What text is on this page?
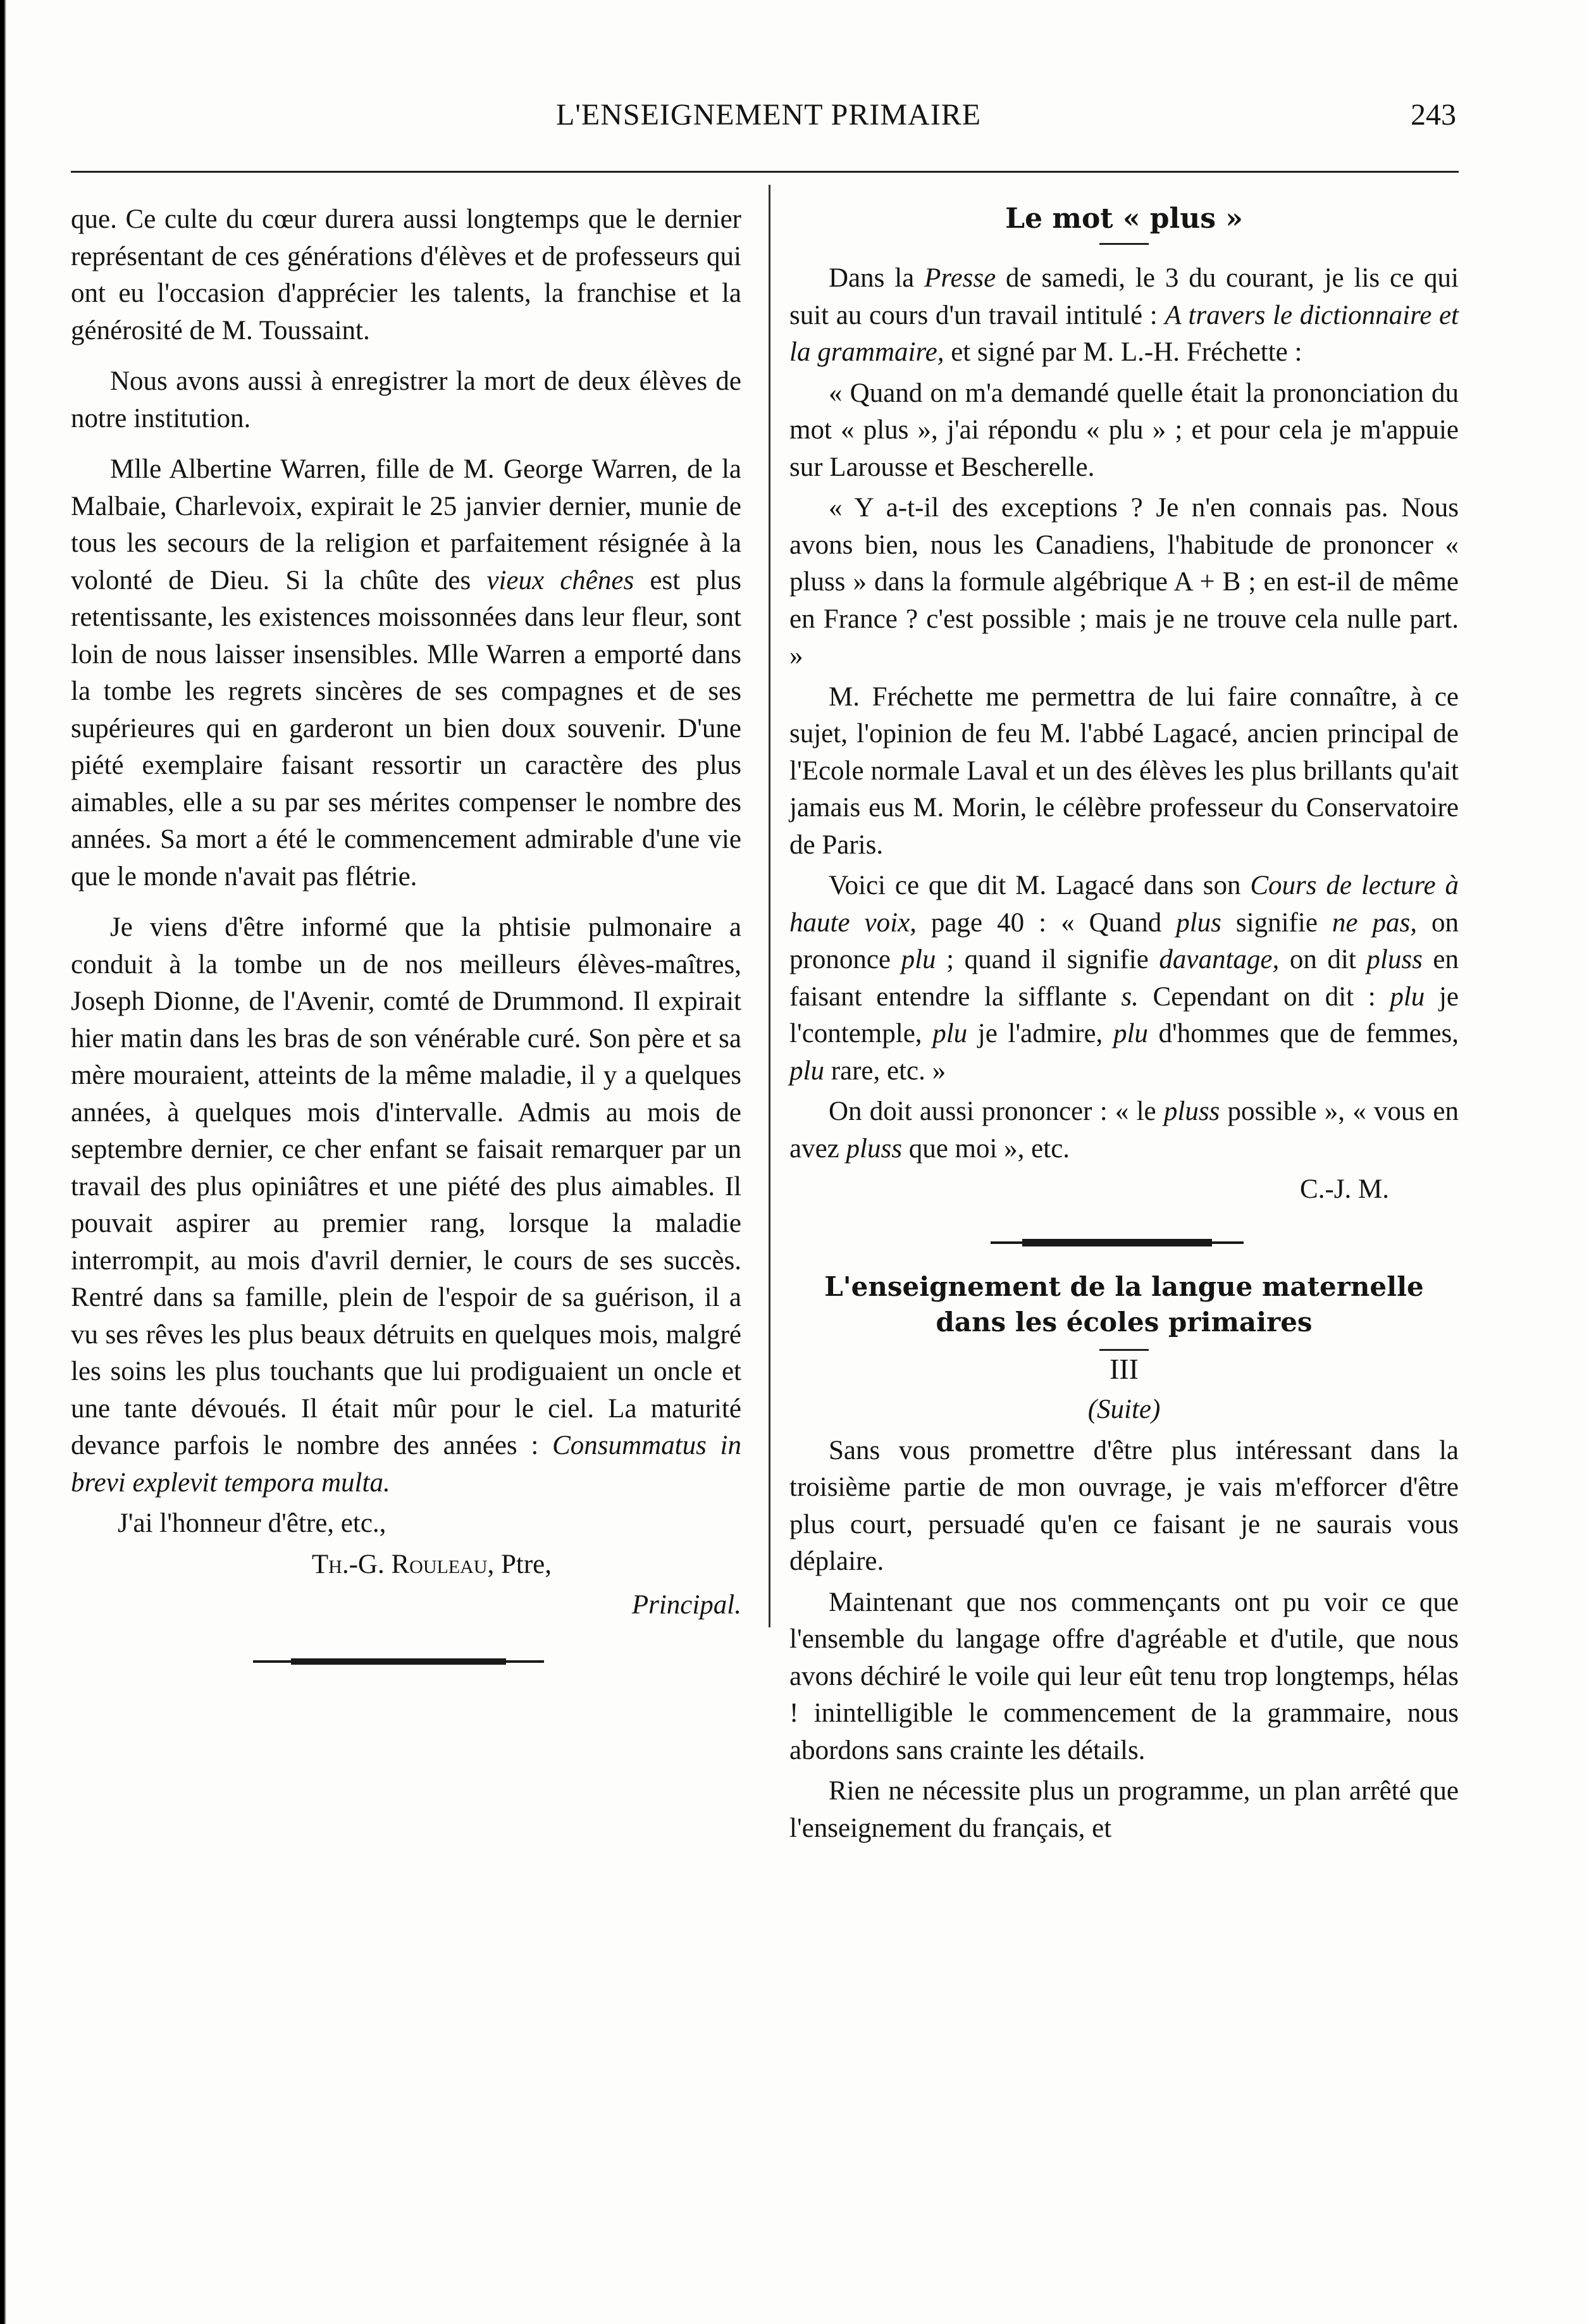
L'ENSEIGNEMENT PRIMAIRE	243

que. Ce culte du cœur durera aussi longtemps que le dernier représentant de ces générations d'élèves et de professeurs qui ont eu l'occasion d'apprécier les talents, la franchise et la générosité de M. Toussaint.

Nous avons aussi à enregistrer la mort de deux élèves de notre institution.

Mlle Albertine Warren, fille de M. George Warren, de la Malbaie, Charlevoix, expirait le 25 janvier dernier, munie de tous les secours de la religion et parfaitement résignée à la volonté de Dieu. Si la chûte des vieux chênes est plus retentissante, les existences moissonnées dans leur fleur, sont loin de nous laisser insensibles. Mlle Warren a emporté dans la tombe les regrets sincères de ses compagnes et de ses supérieures qui en garderont un bien doux souvenir. D'une piété exemplaire faisant ressortir un caractère des plus aimables, elle a su par ses mérites compenser le nombre des années. Sa mort a été le commencement admirable d'une vie que le monde n'avait pas flétrie.

Je viens d'être informé que la phtisie pulmonaire a conduit à la tombe un de nos meilleurs élèves-maîtres, Joseph Dionne, de l'Avenir, comté de Drummond. Il expirait hier matin dans les bras de son vénérable curé. Son père et sa mère mouraient, atteints de la même maladie, il y a quelques années, à quelques mois d'intervalle. Admis au mois de septembre dernier, ce cher enfant se faisait remarquer par un travail des plus opiniâtres et une piété des plus aimables. Il pouvait aspirer au premier rang, lorsque la maladie interrompit, au mois d'avril dernier, le cours de ses succès. Rentré dans sa famille, plein de l'espoir de sa guérison, il a vu ses rêves les plus beaux détruits en quelques mois, malgré les soins les plus touchants que lui prodiguaient un oncle et une tante dévoués. Il était mûr pour le ciel. La maturité devance parfois le nombre des années : Consummatus in brevi explevit tempora multa.

J'ai l'honneur d'être, etc.,

Th.-G. Rouleau, Ptre,

Principal.

Le mot « plus »

Dans la Presse de samedi, le 3 du courant, je lis ce qui suit au cours d'un travail intitulé : A travers le dictionnaire et la grammaire, et signé par M. L.-H. Fréchette :

« Quand on m'a demandé quelle était la prononciation du mot « plus », j'ai répondu « plu » ; et pour cela je m'appuie sur Larousse et Bescherelle.

« Y a-t-il des exceptions ? Je n'en connais pas. Nous avons bien, nous les Canadiens, l'habitude de prononcer « pluss » dans la formule algébrique A + B ; en est-il de même en France ? c'est possible ; mais je ne trouve cela nulle part. »

M. Fréchette me permettra de lui faire connaître, à ce sujet, l'opinion de feu M. l'abbé Lagacé, ancien principal de l'Ecole normale Laval et un des élèves les plus brillants qu'ait jamais eus M. Morin, le célèbre professeur du Conservatoire de Paris.

Voici ce que dit M. Lagacé dans son Cours de lecture à haute voix, page 40 : « Quand plus signifie ne pas, on prononce plu ; quand il signifie davantage, on dit pluss en faisant entendre la sifflante s. Cependant on dit : plu je l'contemple, plu je l'admire, plu d'hommes que de femmes, plu rare, etc. »

On doit aussi prononcer : « le pluss possible », « vous en avez pluss que moi », etc.

C.-J. M.

L'enseignement de la langue maternelle dans les écoles primaires

III

(Suite)

Sans vous promettre d'être plus intéressant dans la troisième partie de mon ouvrage, je vais m'efforcer d'être plus court, persuadé qu'en ce faisant je ne saurais vous déplaire.

Maintenant que nos commençants ont pu voir ce que l'ensemble du langage offre d'agréable et d'utile, que nous avons déchiré le voile qui leur eût tenu trop longtemps, hélas ! inintelligible le commencement de la grammaire, nous abordons sans crainte les détails.

Rien ne nécessite plus un programme, un plan arrêté que l'enseignement du français, et
